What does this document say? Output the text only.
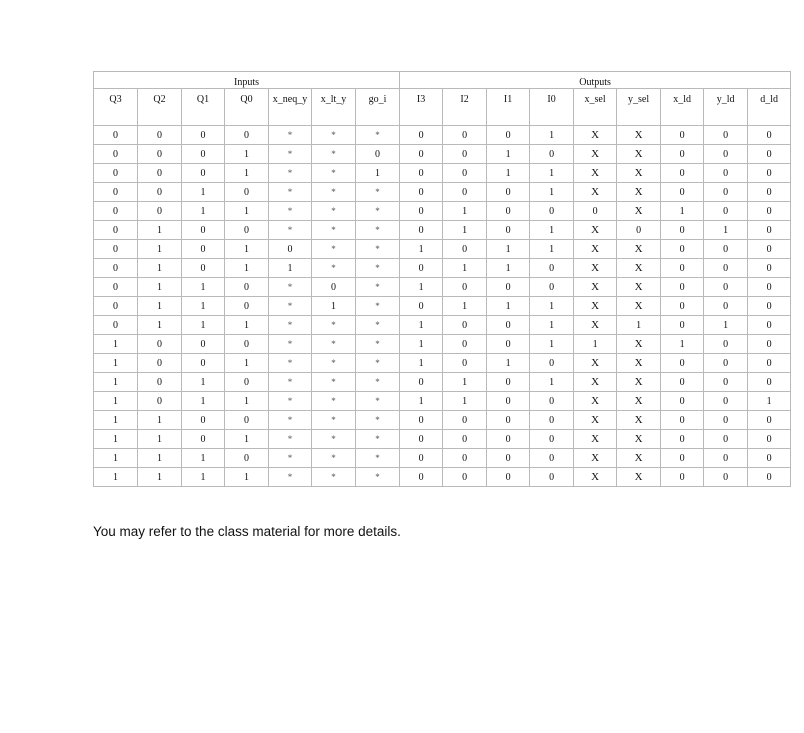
Inputs							Outputs								
Q3	Q2	Q1	Q0	x_neq_y	x_lt_y	go_i	I3	I2	I1	I0	x_sel	y_sel	x_ld	y_ld	d_ld
0	0	0	0	*	*	*	0	0	0	1	X	X	0	0	0
0	0	0	1	*	*	0	0	0	1	0	X	X	0	0	0
0	0	0	1	*	*	1	0	0	1	1	X	X	0	0	0
0	0	1	0	*	*	*	0	0	0	1	X	X	0	0	0
0	0	1	1	*	*	*	0	1	0	0	0	X	1	0	0
0	1	0	0	*	*	*	0	1	0	1	X	0	0	1	0
0	1	0	1	0	*	*	1	0	1	1	X	X	0	0	0
0	1	0	1	1	*	*	0	1	1	0	X	X	0	0	0
0	1	1	0	*	0	*	1	0	0	0	X	X	0	0	0
0	1	1	0	*	1	*	0	1	1	1	X	X	0	0	0
0	1	1	1	*	*	*	1	0	0	1	X	1	0	1	0
1	0	0	0	*	*	*	1	0	0	1	1	X	1	0	0
1	0	0	1	*	*	*	1	0	1	0	X	X	0	0	0
1	0	1	0	*	*	*	0	1	0	1	X	X	0	0	0
1	0	1	1	*	*	*	1	1	0	0	X	X	0	0	1
1	1	0	0	*	*	*	0	0	0	0	X	X	0	0	0
1	1	0	1	*	*	*	0	0	0	0	X	X	0	0	0
1	1	1	0	*	*	*	0	0	0	0	X	X	0	0	0
1	1	1	1	*	*	*	0	0	0	0	X	X	0	0	0

You may refer to the class material for more details.
